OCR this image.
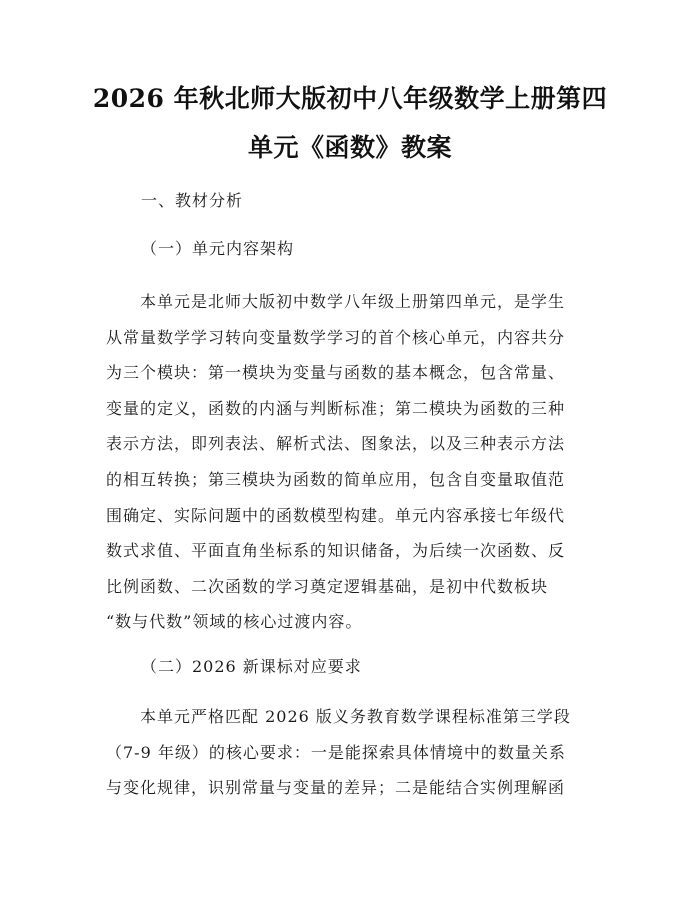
2026 年秋北师大版初中八年级数学上册第四
单元《函数》教案

一、教材分析

（一）单元内容架构

本单元是北师大版初中数学八年级上册第四单元，是学生
从常量数学学习转向变量数学学习的首个核心单元，内容共分
为三个模块：第一模块为变量与函数的基本概念，包含常量、
变量的定义，函数的内涵与判断标准；第二模块为函数的三种
表示方法，即列表法、解析式法、图象法，以及三种表示方法
的相互转换；第三模块为函数的简单应用，包含自变量取值范
围确定、实际问题中的函数模型构建。单元内容承接七年级代
数式求值、平面直角坐标系的知识储备，为后续一次函数、反
比例函数、二次函数的学习奠定逻辑基础，是初中代数板块
“数与代数”领域的核心过渡内容。

（二）2026 新课标对应要求

本单元严格匹配 2026 版义务教育数学课程标准第三学段
（7-9 年级）的核心要求：一是能探索具体情境中的数量关系
与变化规律，识别常量与变量的差异；二是能结合实例理解函
